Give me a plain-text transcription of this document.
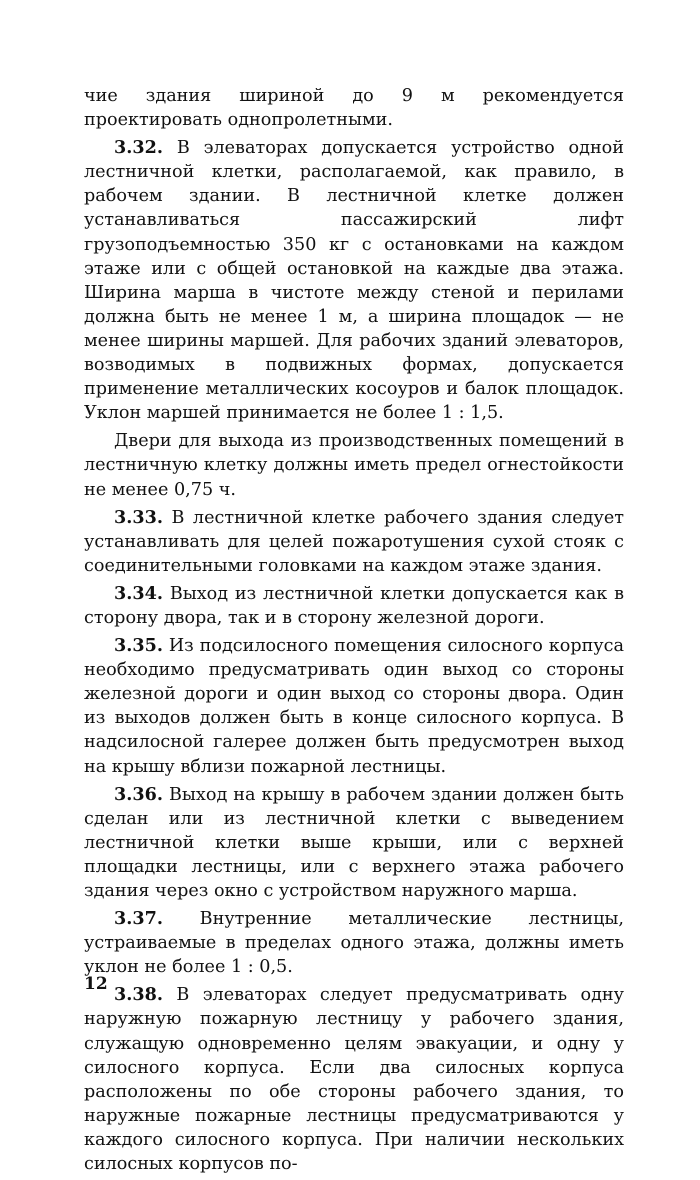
чие здания шириной до 9 м рекомендуется проектировать однопролетными.

3.32. В элеваторах допускается устройство одной лестничной клетки, располагаемой, как правило, в рабочем здании. В лестничной клетке должен устанавливаться пассажирский лифт грузоподъемностью 350 кг с остановками на каждом этаже или с общей остановкой на каждые два этажа. Ширина марша в чистоте между стеной и перилами должна быть не менее 1 м, а ширина площадок — не менее ширины маршей. Для рабочих зданий элеваторов, возводимых в подвижных формах, допускается применение металлических косоуров и балок площадок. Уклон маршей принимается не более 1 : 1,5.

Двери для выхода из производственных помещений в лестничную клетку должны иметь предел огнестойкости не менее 0,75 ч.

3.33. В лестничной клетке рабочего здания следует устанавливать для целей пожаротушения сухой стояк с соединительными головками на каждом этаже здания.

3.34. Выход из лестничной клетки допускается как в сторону двора, так и в сторону железной дороги.

3.35. Из подсилосного помещения силосного корпуса необходимо предусматривать один выход со стороны железной дороги и один выход со стороны двора. Один из выходов должен быть в конце силосного корпуса. В надсилосной галерее должен быть предусмотрен выход на крышу вблизи пожарной лестницы.

3.36. Выход на крышу в рабочем здании должен быть сделан или из лестничной клетки с выведением лестничной клетки выше крыши, или с верхней площадки лестницы, или с верхнего этажа рабочего здания через окно с устройством наружного марша.

3.37. Внутренние металлические лестницы, устраиваемые в пределах одного этажа, должны иметь уклон не более 1 : 0,5.

3.38. В элеваторах следует предусматривать одну наружную пожарную лестницу у рабочего здания, служащую одновременно целям эвакуации, и одну у силосного корпуса. Если два силосных корпуса расположены по обе стороны рабочего здания, то наружные пожарные лестницы предусматриваются у каждого силосного корпуса. При наличии нескольких силосных корпусов по-

12
